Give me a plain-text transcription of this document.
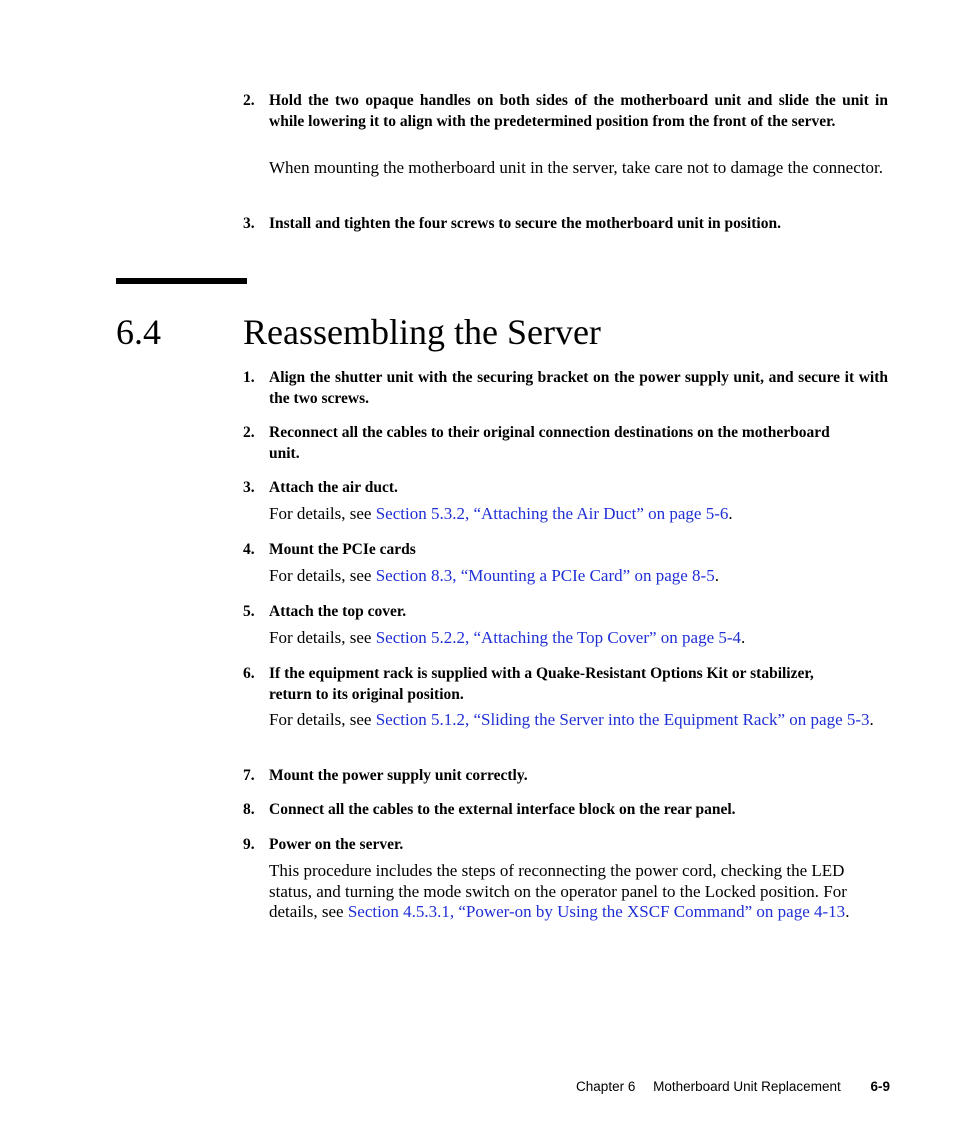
2. Hold the two opaque handles on both sides of the motherboard unit and slide the unit in while lowering it to align with the predetermined position from the front of the server.
When mounting the motherboard unit in the server, take care not to damage the connector.
3. Install and tighten the four screws to secure the motherboard unit in position.
6.4 Reassembling the Server
1. Align the shutter unit with the securing bracket on the power supply unit, and secure it with the two screws.
2. Reconnect all the cables to their original connection destinations on the motherboard unit.
3. Attach the air duct.
For details, see Section 5.3.2, “Attaching the Air Duct” on page 5-6.
4. Mount the PCIe cards
For details, see Section 8.3, “Mounting a PCIe Card” on page 8-5.
5. Attach the top cover.
For details, see Section 5.2.2, “Attaching the Top Cover” on page 5-4.
6. If the equipment rack is supplied with a Quake-Resistant Options Kit or stabilizer, return to its original position.
For details, see Section 5.1.2, “Sliding the Server into the Equipment Rack” on page 5-3.
7. Mount the power supply unit correctly.
8. Connect all the cables to the external interface block on the rear panel.
9. Power on the server.
This procedure includes the steps of reconnecting the power cord, checking the LED status, and turning the mode switch on the operator panel to the Locked position. For details, see Section 4.5.3.1, “Power-on by Using the XSCF Command” on page 4-13.
Chapter 6 Motherboard Unit Replacement 6-9
